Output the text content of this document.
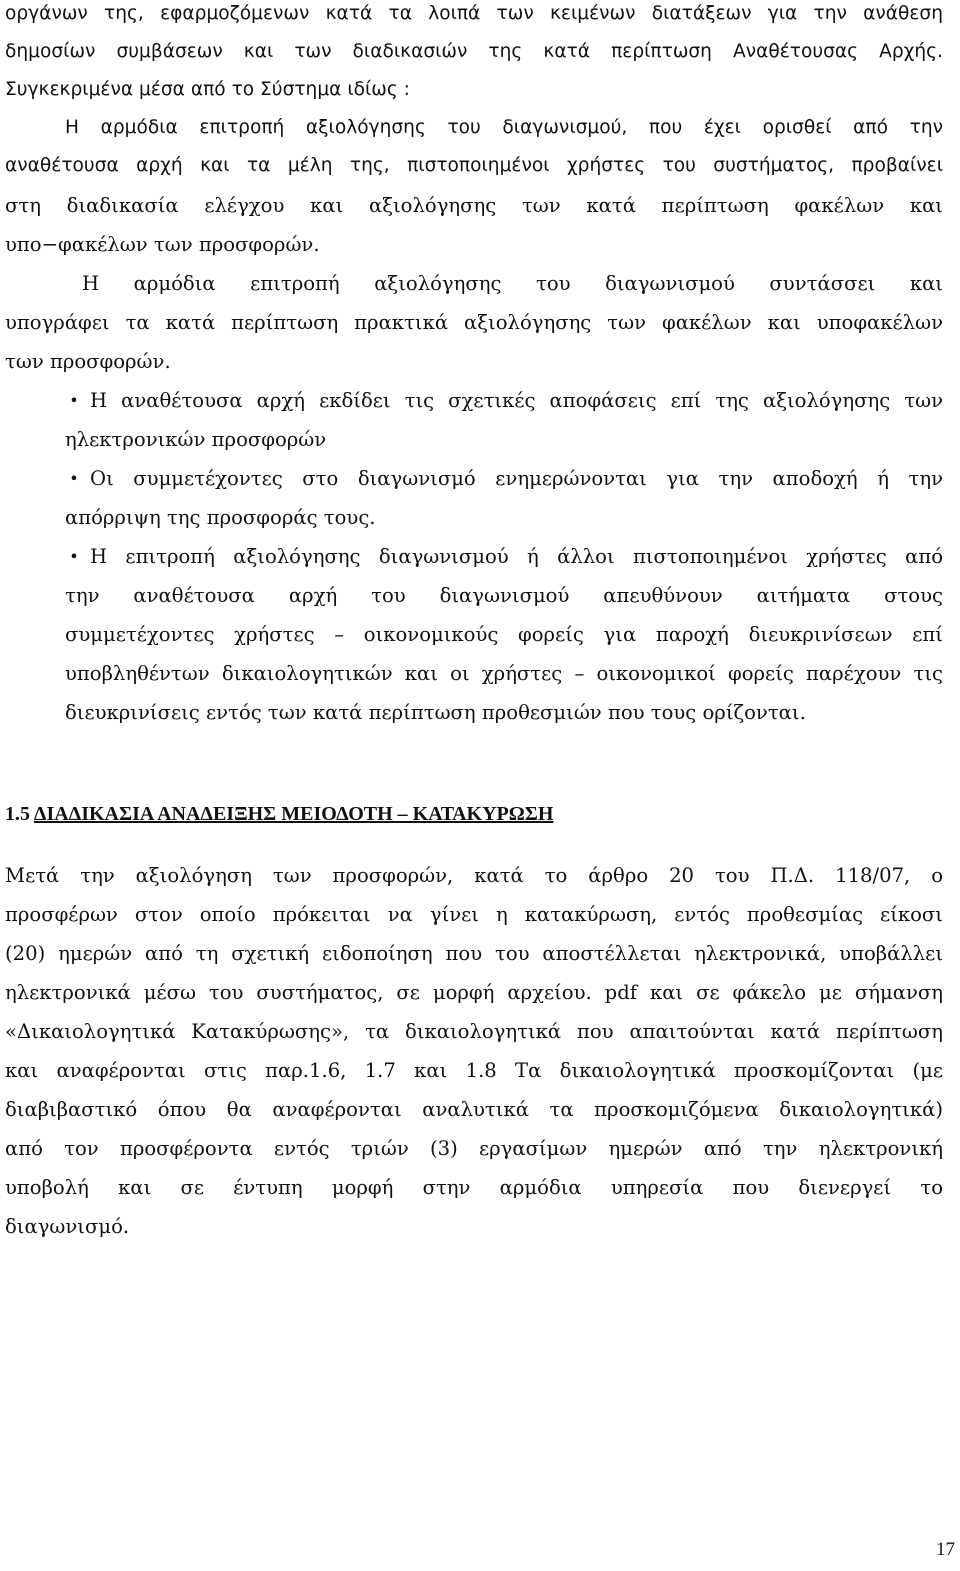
οργάνων της, εφαρμοζόμενων κατά τα λοιπά των κειμένων διατάξεων για την ανάθεση
δημοσίων συμβάσεων και των διαδικασιών της κατά περίπτωση Αναθέτουσας Αρχής.
Συγκεκριμένα μέσα από το Σύστημα ιδίως :
Η αρμόδια επιτροπή αξιολόγησης του διαγωνισμού, που έχει ορισθεί από την
αναθέτουσα αρχή και τα μέλη της, πιστοποιημένοι χρήστες του συστήματος, προβαίνει
στη διαδικασία ελέγχου και αξιολόγησης των κατά περίπτωση φακέλων και
υπο−φακέλων των προσφορών.
Η αρμόδια επιτροπή αξιολόγησης του διαγωνισμού συντάσσει και
υπογράφει τα κατά περίπτωση πρακτικά αξιολόγησης των φακέλων και υποφακέλων
των προσφορών.
• Η αναθέτουσα αρχή εκδίδει τις σχετικές αποφάσεις επί της αξιολόγησης των
ηλεκτρονικών προσφορών
• Οι συμμετέχοντες στο διαγωνισμό ενημερώνονται για την αποδοχή ή την
απόρριψη της προσφοράς τους.
• Η επιτροπή αξιολόγησης διαγωνισμού ή άλλοι πιστοποιημένοι χρήστες από
την αναθέτουσα αρχή του διαγωνισμού απευθύνουν αιτήματα στους
συμμετέχοντες χρήστες – οικονομικούς φορείς για παροχή διευκρινίσεων επί
υποβληθέντων δικαιολογητικών και οι χρήστες – οικονομικοί φορείς παρέχουν τις
διευκρινίσεις εντός των κατά περίπτωση προθεσμιών που τους ορίζονται.
1.5 ΔΙΑΔΙΚΑΣΙΑ ΑΝΑΔΕΙΞΗΣ ΜΕΙΟΔΟΤΗ – ΚΑΤΑΚΥΡΩΣΗ
Μετά την αξιολόγηση των προσφορών, κατά το άρθρο 20 του Π.Δ. 118/07, ο
προσφέρων στον οποίο πρόκειται να γίνει η κατακύρωση, εντός προθεσμίας είκοσι
(20) ημερών από τη σχετική ειδοποίηση που του αποστέλλεται ηλεκτρονικά, υποβάλλει
ηλεκτρονικά μέσω του συστήματος, σε μορφή αρχείου. pdf και σε φάκελο με σήμανση
«Δικαιολογητικά Κατακύρωσης», τα δικαιολογητικά που απαιτούνται κατά περίπτωση
και αναφέρονται στις παρ.1.6, 1.7 και 1.8 Τα δικαιολογητικά προσκομίζονται (με
διαβιβαστικό όπου θα αναφέρονται αναλυτικά τα προσκομιζόμενα δικαιολογητικά)
από τον προσφέροντα εντός τριών (3) εργασίμων ημερών από την ηλεκτρονική
υποβολή και σε έντυπη μορφή στην αρμόδια υπηρεσία που διενεργεί το
διαγωνισμό.
17
